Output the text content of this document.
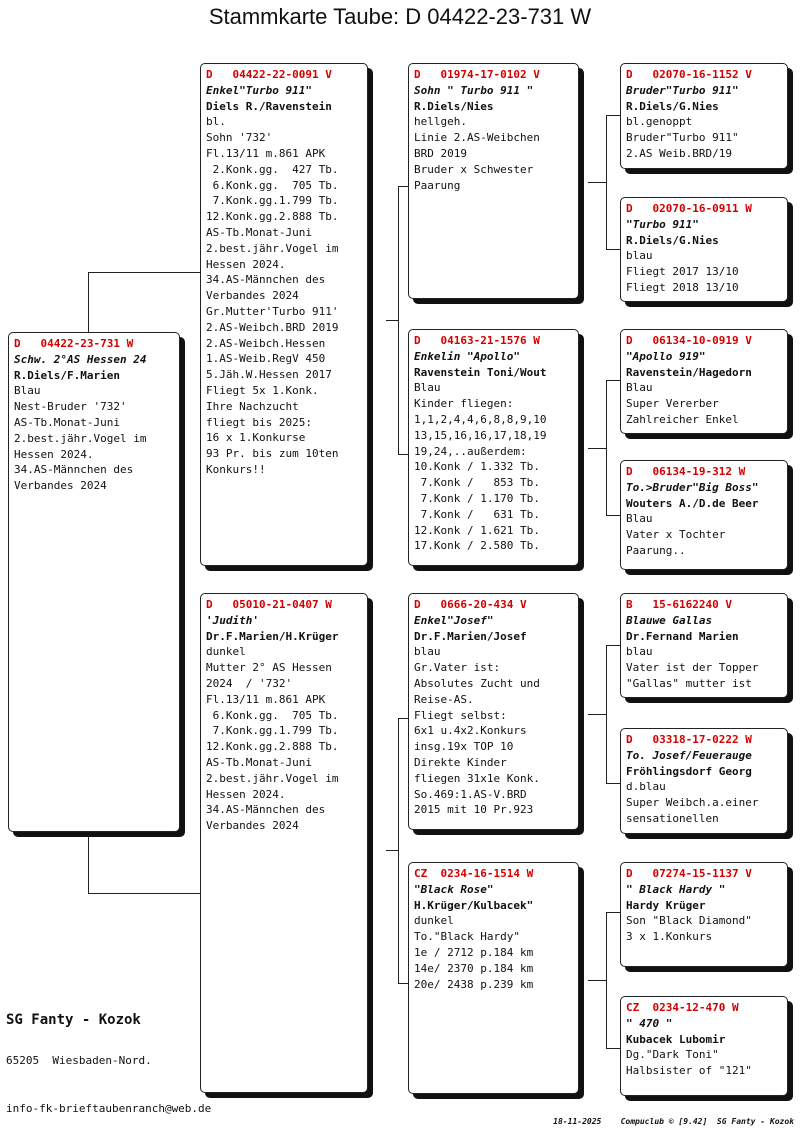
Stammkarte Taube: D 04422-23-731 W
D   04422-23-731 W
Schw. 2°AS Hessen 24
R.Diels/F.Marien
Blau
Nest-Bruder '732'
AS-Tb.Monat-Juni
2.best.jähr.Vogel im
Hessen 2024.
34.AS-Männchen des
Verbandes 2024
D   04422-22-0091 V
Enkel"Turbo 911"
Diels R./Ravenstein
bl.
Sohn '732'
Fl.13/11 m.861 APK
2.Konk.gg.  427 Tb.
6.Konk.gg.  705 Tb.
7.Konk.gg.1.799 Tb.
12.Konk.gg.2.888 Tb.
AS-Tb.Monat-Juni
2.best.jähr.Vogel im
Hessen 2024.
34.AS-Männchen des
Verbandes 2024
Gr.Mutter'Turbo 911'
2.AS-Weibch.BRD 2019
2.AS-Weibch.Hessen
1.AS-Weib.RegV 450
5.Jäh.W.Hessen 2017
Fliegt 5x 1.Konk.
Ihre Nachzucht
fliegt bis 2025:
16 x 1.Konkurse
93 Pr. bis zum 10ten
Konkurs!!
D   05010-21-0407 W
'Judith'
Dr.F.Marien/H.Krüger
dunkel
Mutter 2° AS Hessen
2024  / '732'
Fl.13/11 m.861 APK
6.Konk.gg.  705 Tb.
7.Konk.gg.1.799 Tb.
12.Konk.gg.2.888 Tb.
AS-Tb.Monat-Juni
2.best.jähr.Vogel im
Hessen 2024.
34.AS-Männchen des
Verbandes 2024
D   01974-17-0102 V
Sohn " Turbo 911 "
R.Diels/Nies
hellgeh.
Linie 2.AS-Weibchen
BRD 2019
Bruder x Schwester
Paarung
D   04163-21-1576 W
Enkelin "Apollo"
Ravenstein Toni/Wout
Blau
Kinder fliegen:
1,1,2,4,4,6,8,8,9,10
13,15,16,16,17,18,19
19,24,..außerdem:
10.Konk / 1.332 Tb.
7.Konk /   853 Tb.
7.Konk / 1.170 Tb.
7.Konk /   631 Tb.
12.Konk / 1.621 Tb.
17.Konk / 2.580 Tb.
D   0666-20-434 V
Enkel"Josef"
Dr.F.Marien/Josef
blau
Gr.Vater ist:
Absolutes Zucht und
Reise-AS.
Fliegt selbst:
6x1 u.4x2.Konkurs
insg.19x TOP 10
Direkte Kinder
fliegen 31x1e Konk.
So.469:1.AS-V.BRD
2015 mit 10 Pr.923
CZ  0234-16-1514 W
"Black Rose"
H.Krüger/Kulbacek"
dunkel
To."Black Hardy"
1e / 2712 p.184 km
14e/ 2370 p.184 km
20e/ 2438 p.239 km
D   02070-16-1152 V
Bruder"Turbo 911"
R.Diels/G.Nies
bl.genoppt
Bruder"Turbo 911"
2.AS Weib.BRD/19
D   02070-16-0911 W
"Turbo 911"
R.Diels/G.Nies
blau
Fliegt 2017 13/10
Fliegt 2018 13/10
D   06134-10-0919 V
"Apollo 919"
Ravenstein/Hagedorn
Blau
Super Vererber
Zahlreicher Enkel
D   06134-19-312 W
To.>Bruder"Big Boss"
Wouters A./D.de Beer
Blau
Vater x Tochter
Paarung..
B   15-6162240 V
Blauwe Gallas
Dr.Fernand Marien
blau
Vater ist der Topper
"Gallas" mutter ist
D   03318-17-0222 W
To. Josef/Feuerauge
Fröhlingsdorf Georg
d.blau
Super Weibch.a.einer
sensationellen
D   07274-15-1137 V
" Black Hardy "
Hardy Krüger
Son "Black Diamond"
3 x 1.Konkurs
CZ  0234-12-470 W
" 470 "
Kubacek Lubomir
Dg."Dark Toni"
Halbsister of "121"
SG Fanty - Kozok
65205  Wiesbaden-Nord.
info-fk-brieftaubenranch@web.de
18-11-2025    Compuclub © [9.42]  SG Fanty - Kozok
